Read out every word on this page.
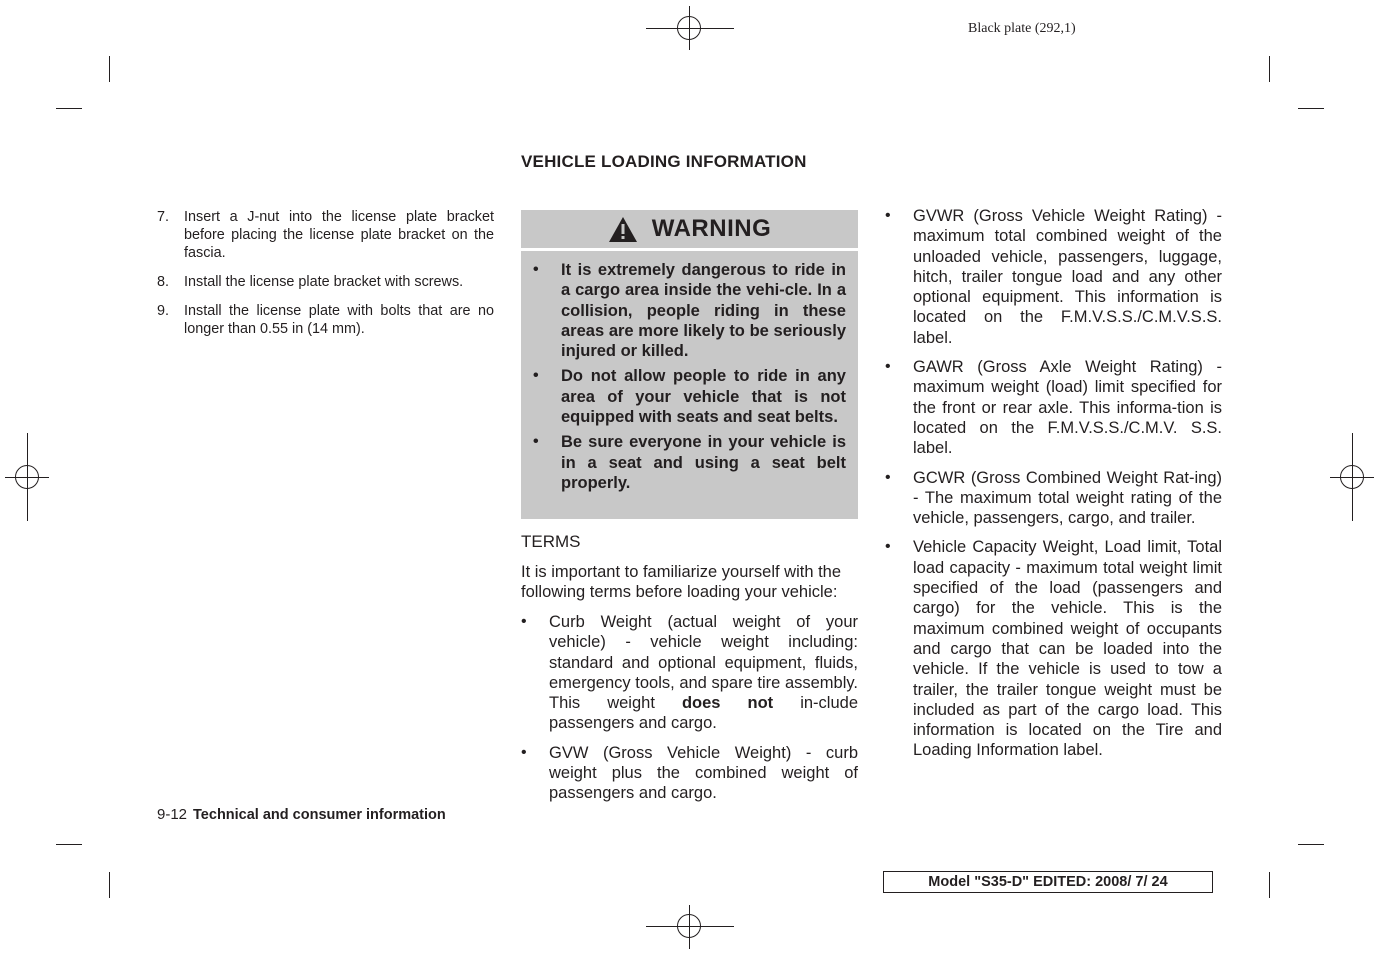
Black plate (292,1)
VEHICLE LOADING INFORMATION
7.	Insert a J-nut into the license plate bracket before placing the license plate bracket on the fascia.
8.	Install the license plate bracket with screws.
9.	Install the license plate with bolts that are no longer than 0.55 in (14 mm).
WARNING
•	It is extremely dangerous to ride in a cargo area inside the vehi-cle. In a collision, people riding in these areas are more likely to be seriously injured or killed.
•	Do not allow people to ride in any area of your vehicle that is not equipped with seats and seat belts.
•	Be sure everyone in your vehicle is in a seat and using a seat belt properly.
TERMS
It is important to familiarize yourself with the following terms before loading your vehicle:
•	Curb Weight (actual weight of your vehicle) - vehicle weight including: standard and optional equipment, fluids, emergency tools, and spare tire assembly. This weight does not in-clude passengers and cargo.
•	GVW (Gross Vehicle Weight) - curb weight plus the combined weight of passengers and cargo.
•	GVWR (Gross Vehicle Weight Rating) - maximum total combined weight of the unloaded vehicle, passengers, luggage, hitch, trailer tongue load and any other optional equipment. This information is located on the F.M.V.S.S./C.M.V.S.S. label.
•	GAWR (Gross Axle Weight Rating) - maximum weight (load) limit specified for the front or rear axle. This informa-tion is located on the F.M.V.S.S./C.M.V. S.S. label.
•	GCWR (Gross Combined Weight Rat-ing) - The maximum total weight rating of the vehicle, passengers, cargo, and trailer.
•	Vehicle Capacity Weight, Load limit, Total load capacity - maximum total weight limit specified of the load (passengers and cargo) for the vehicle. This is the maximum combined weight of occupants and cargo that can be loaded into the vehicle. If the vehicle is used to tow a trailer, the trailer tongue weight must be included as part of the cargo load. This information is located on the Tire and Loading Information label.
9-12 Technical and consumer information
Model "S35-D" EDITED: 2008/ 7/ 24
